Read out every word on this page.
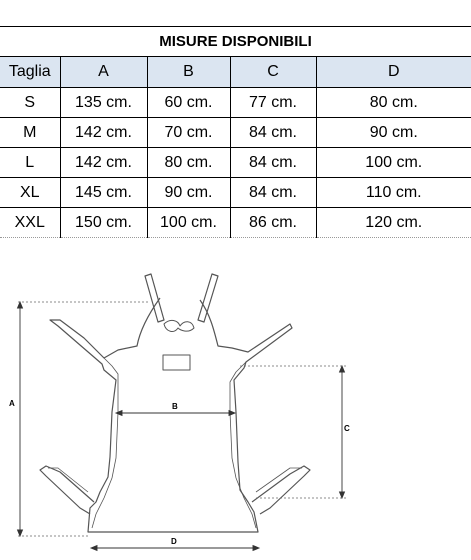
MISURE DISPONIBILI				
Taglia	A	B	C	D
S	135 cm.	60 cm.	77 cm.	80 cm.
M	142 cm.	70 cm.	84 cm.	90 cm.
L	142 cm.	80 cm.	84 cm.	100 cm.
XL	145 cm.	90 cm.	84 cm.	110 cm.
XXL	150 cm.	100 cm.	86 cm.	120 cm.
A	B
C
D
